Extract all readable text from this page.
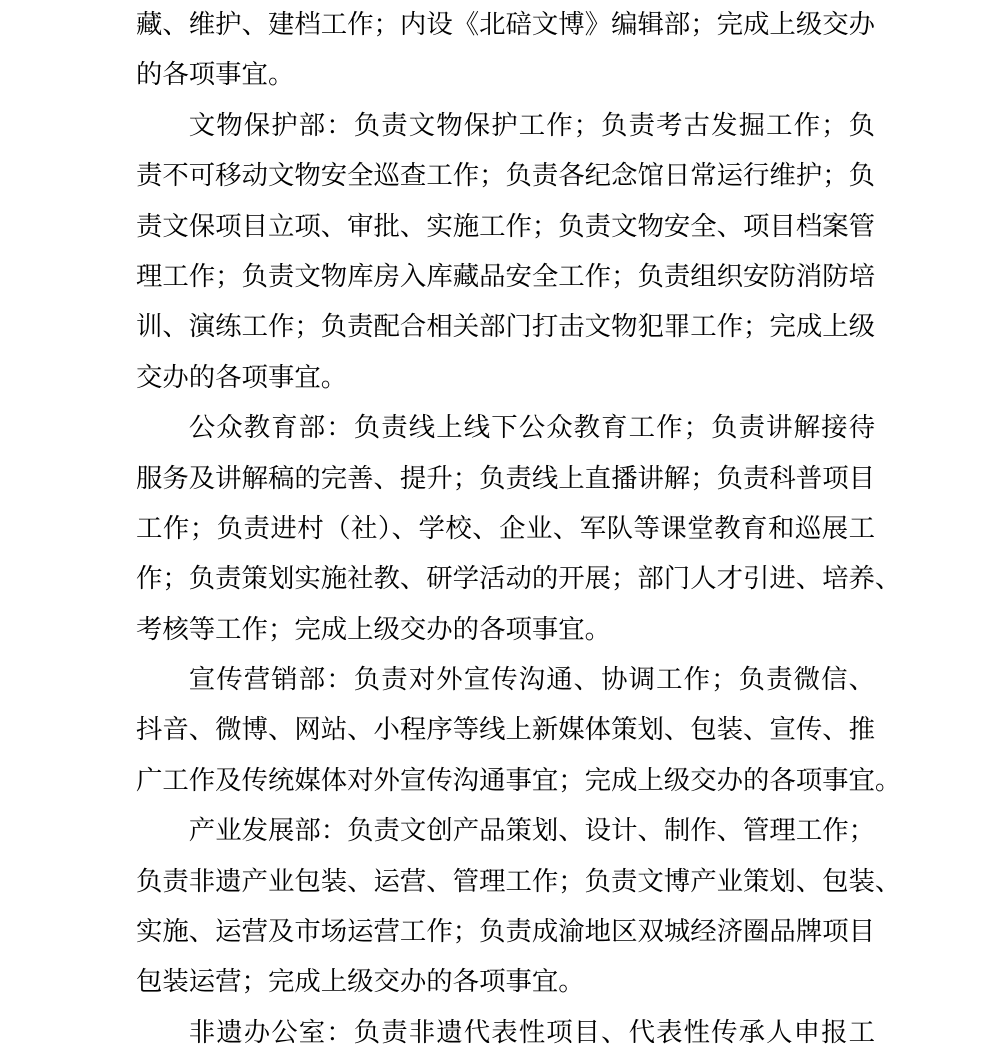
藏、维护、建档工作；内设《北碚文博》编辑部；完成上级交办
的各项事宜。
文物保护部：负责文物保护工作；负责考古发掘工作；负
责不可移动文物安全巡查工作；负责各纪念馆日常运行维护；负
责文保项目立项、审批、实施工作；负责文物安全、项目档案管
理工作；负责文物库房入库藏品安全工作；负责组织安防消防培
训、演练工作；负责配合相关部门打击文物犯罪工作；完成上级
交办的各项事宜。
公众教育部：负责线上线下公众教育工作；负责讲解接待
服务及讲解稿的完善、提升；负责线上直播讲解；负责科普项目
工作；负责进村（社）、学校、企业、军队等课堂教育和巡展工
作；负责策划实施社教、研学活动的开展；部门人才引进、培养、
考核等工作；完成上级交办的各项事宜。
宣传营销部：负责对外宣传沟通、协调工作；负责微信、
抖音、微博、网站、小程序等线上新媒体策划、包装、宣传、推
广工作及传统媒体对外宣传沟通事宜；完成上级交办的各项事宜。
产业发展部：负责文创产品策划、设计、制作、管理工作；
负责非遗产业包装、运营、管理工作；负责文博产业策划、包装、
实施、运营及市场运营工作；负责成渝地区双城经济圈品牌项目
包装运营；完成上级交办的各项事宜。
非遗办公室：负责非遗代表性项目、代表性传承人申报工
